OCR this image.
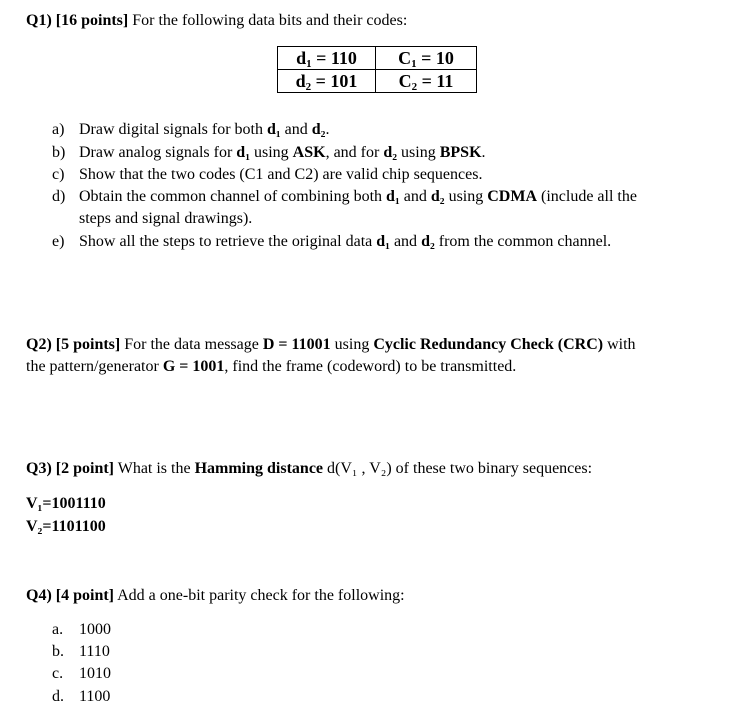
Q1) [16 points] For the following data bits and their codes:
$d_1 = 110$	$C_1 = 10$
$d_2 = 101$	$C_2 = 11$
a) Draw digital signals for both d₁ and d₂.
b) Draw analog signals for d₁ using ASK, and for d₂ using BPSK.
c) Show that the two codes (C1 and C2) are valid chip sequences.
d) Obtain the common channel of combining both d₁ and d₂ using CDMA (include all the
steps and signal drawings).
e) Show all the steps to retrieve the original data d₁ and d₂ from the common channel.
Q2) [5 points] For the data message D = 11001 using Cyclic Redundancy Check (CRC) with
the pattern/generator G = 1001, find the frame (codeword) to be transmitted.
Q3) [2 point] What is the Hamming distance d(V₁ , V₂) of these two binary sequences:
V₁=1001110
V₂=1101100
Q4) [4 point] Add a one-bit parity check for the following:
a. 1000
b. 1110
c. 1010
d. 1100
